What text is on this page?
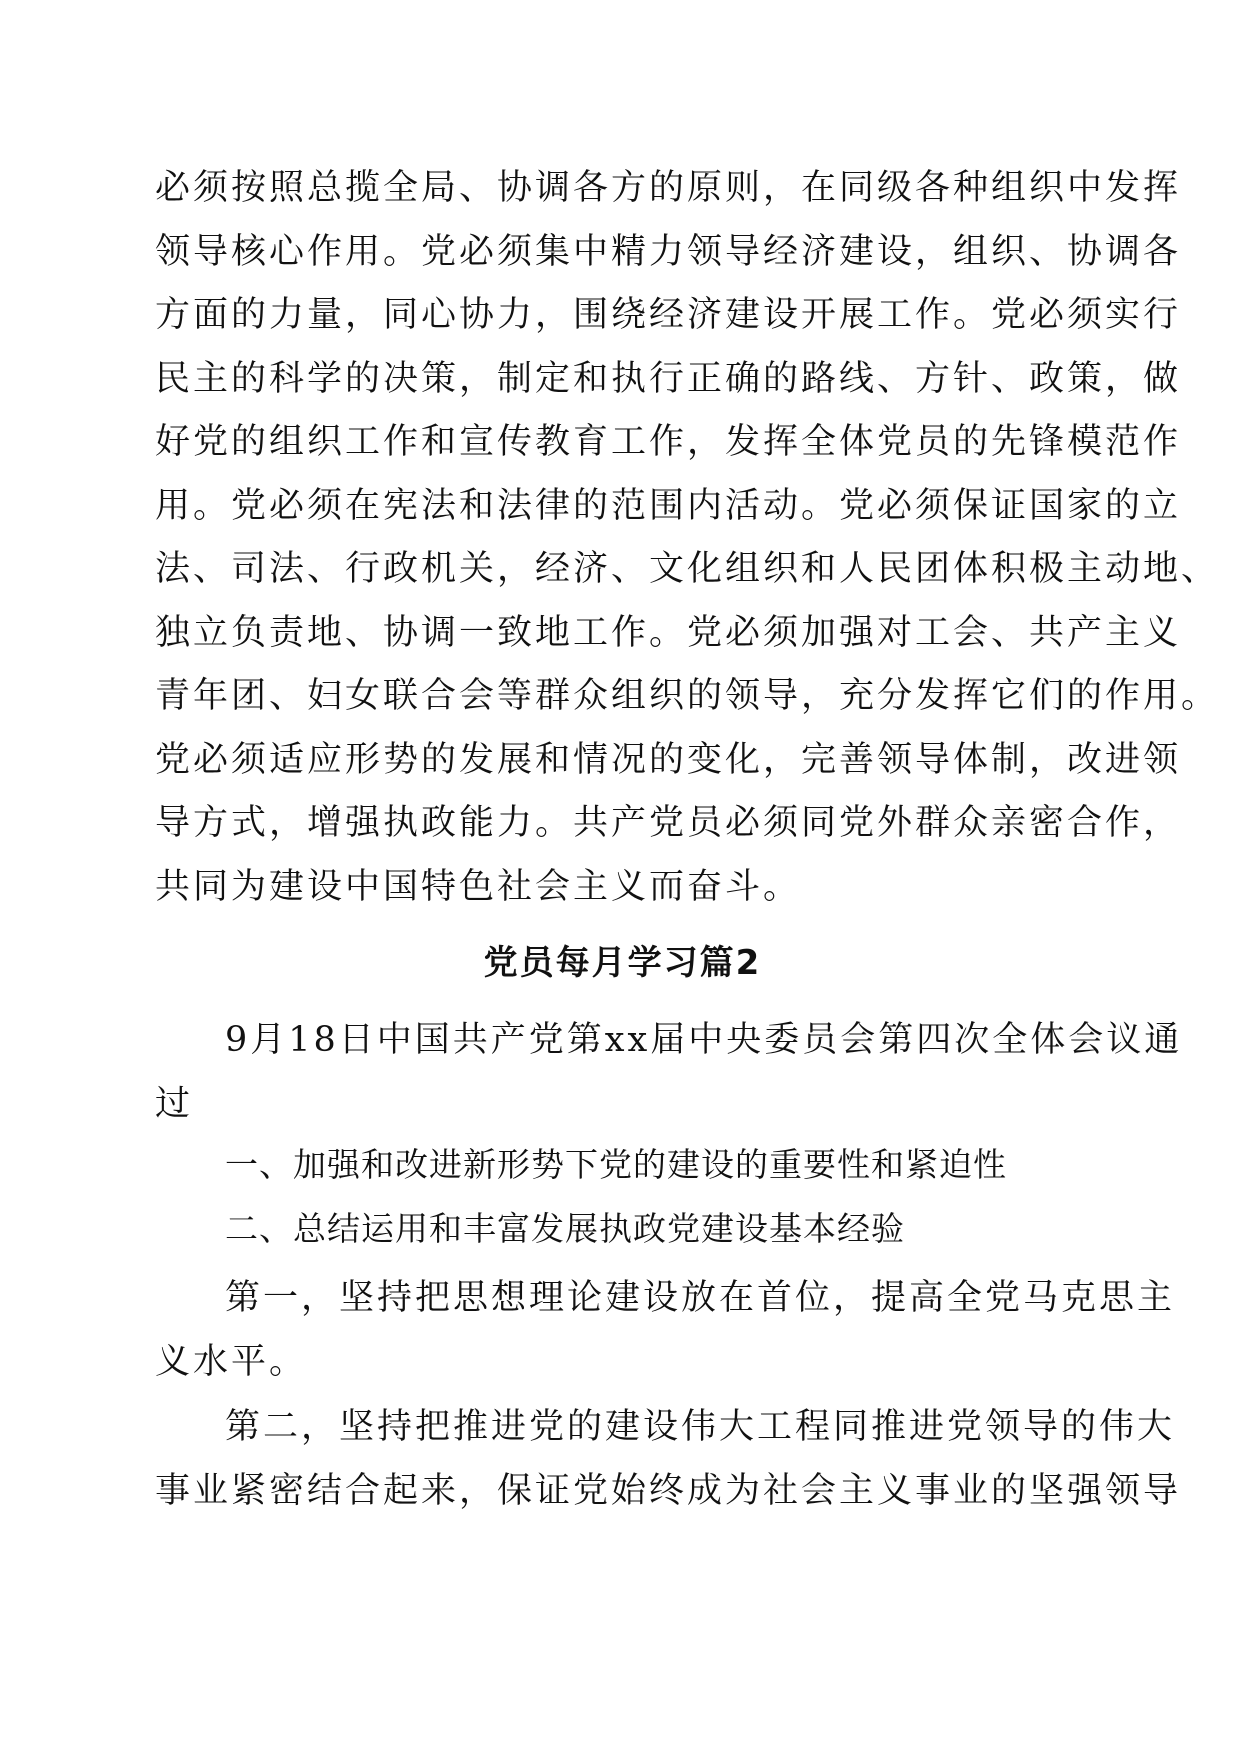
必须按照总揽全局、协调各方的原则，在同级各种组织中发挥
领导核心作用。党必须集中精力领导经济建设，组织、协调各
方面的力量，同心协力，围绕经济建设开展工作。党必须实行
民主的科学的决策，制定和执行正确的路线、方针、政策，做
好党的组织工作和宣传教育工作，发挥全体党员的先锋模范作
用。党必须在宪法和法律的范围内活动。党必须保证国家的立
法、司法、行政机关，经济、文化组织和人民团体积极主动地、
独立负责地、协调一致地工作。党必须加强对工会、共产主义
青年团、妇女联合会等群众组织的领导，充分发挥它们的作用。
党必须适应形势的发展和情况的变化，完善领导体制，改进领
导方式，增强执政能力。共产党员必须同党外群众亲密合作，
共同为建设中国特色社会主义而奋斗。
党员每月学习篇2
9月18日中国共产党第xx届中央委员会第四次全体会议通
过
一、加强和改进新形势下党的建设的重要性和紧迫性
二、总结运用和丰富发展执政党建设基本经验
第一，坚持把思想理论建设放在首位，提高全党马克思主
义水平。
第二，坚持把推进党的建设伟大工程同推进党领导的伟大
事业紧密结合起来，保证党始终成为社会主义事业的坚强领导
